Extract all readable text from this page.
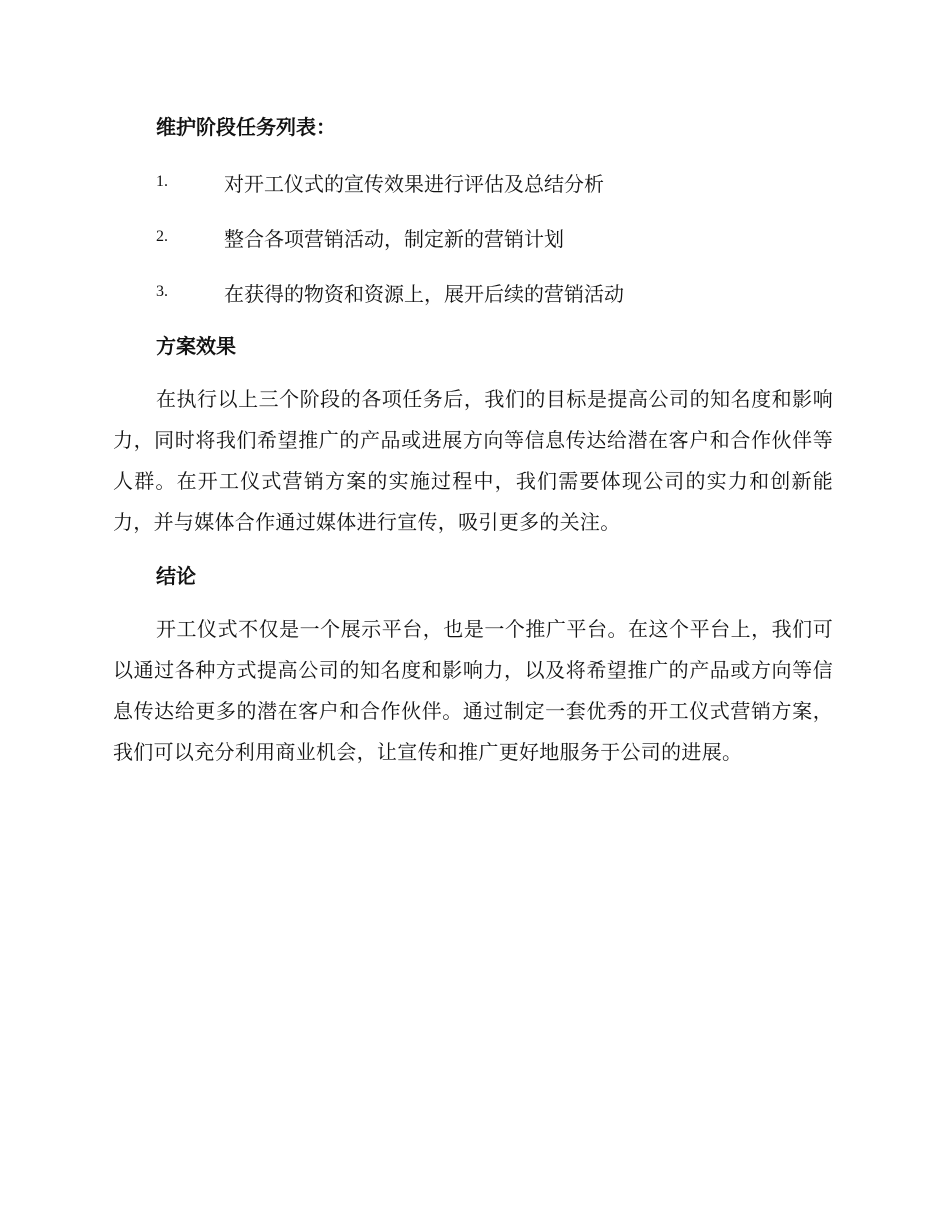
维护阶段任务列表：
1.	对开工仪式的宣传效果进行评估及总结分析
2.	整合各项营销活动，制定新的营销计划
3.	在获得的物资和资源上，展开后续的营销活动
方案效果

在执行以上三个阶段的各项任务后，我们的目标是提高公司的知名度和影响力，同时将我们希望推广的产品或进展方向等信息传达给潜在客户和合作伙伴等人群。在开工仪式营销方案的实施过程中，我们需要体现公司的实力和创新能力，并与媒体合作通过媒体进行宣传，吸引更多的关注。

结论

开工仪式不仅是一个展示平台，也是一个推广平台。在这个平台上，我们可以通过各种方式提高公司的知名度和影响力，以及将希望推广的产品或方向等信息传达给更多的潜在客户和合作伙伴。通过制定一套优秀的开工仪式营销方案，我们可以充分利用商业机会，让宣传和推广更好地服务于公司的进展。
